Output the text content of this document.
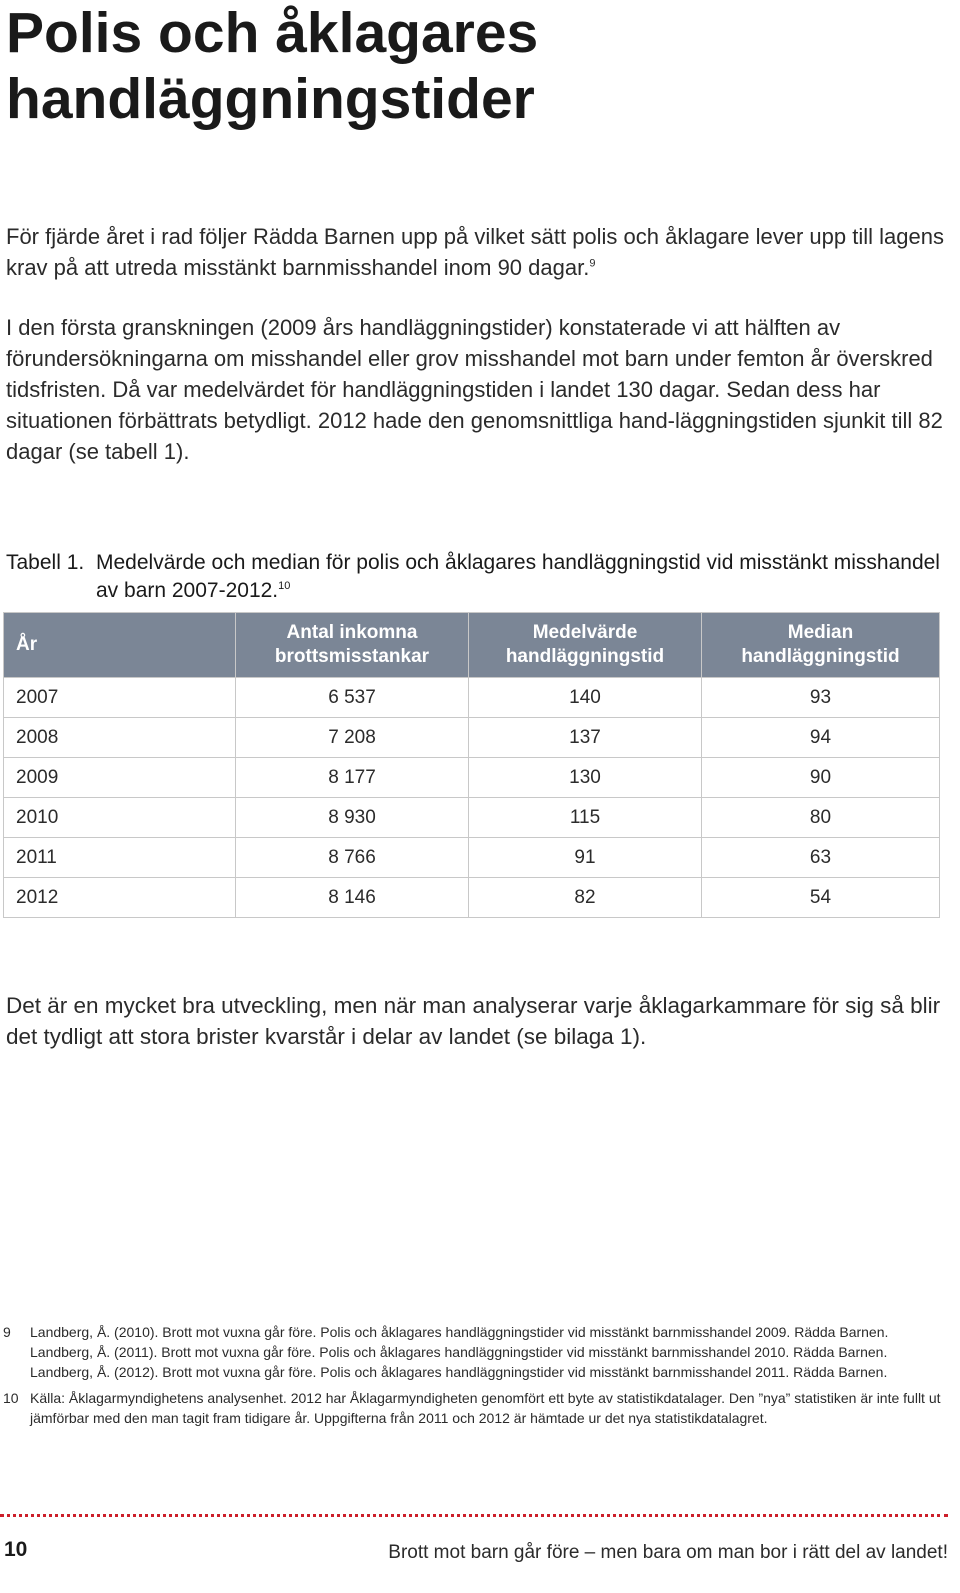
Polis och åklagares
handläggningstider

För fjärde året i rad följer Rädda Barnen upp på vilket sätt polis och åklagare lever upp till lagens krav på att utreda misstänkt barnmisshandel inom 90 dagar.$^9$

I den första granskningen (2009 års handläggningstider) konstaterade vi att hälften av förundersökningarna om misshandel eller grov misshandel mot barn under femton år överskred tidsfristen. Då var medelvärdet för handläggningstiden i landet 130 dagar. Sedan dess har situationen förbättrats betydligt. 2012 hade den genomsnittliga hand-läggningstiden sjunkit till 82 dagar (se tabell 1).

Tabell 1. Medelvärde och median för polis och åklagares handläggningstid vid misstänkt misshandel av barn 2007-2012.10
År	Antal inkomna brottsmisstankar	Medelvärde handläggningstid	Median handläggningstid
2007	6 537	140	93
2008	7 208	137	94
2009	8 177	130	90
2010	8 930	115	80
2011	8 766	91	63
2012	8 146	82	54

Det är en mycket bra utveckling, men när man analyserar varje åklagarkammare för sig så blir det tydligt att stora brister kvarstår i delar av landet (se bilaga 1).

9	Landberg, Å. (2010). Brott mot vuxna går före. Polis och åklagares handläggningstider vid misstänkt barnmisshandel 2009. Rädda Barnen. Landberg, Å. (2011). Brott mot vuxna går före. Polis och åklagares handläggningstider vid misstänkt barnmisshandel 2010. Rädda Barnen. Landberg, Å. (2012). Brott mot vuxna går före. Polis och åklagares handläggningstider vid misstänkt barnmisshandel 2011. Rädda Barnen.
10 Källa: Åklagarmyndighetens analysenhet. 2012 har Åklagarmyndigheten genomfört ett byte av statistikdatalager. Den ”nya” statistiken är inte fullt ut jämförbar med den man tagit fram tidigare år. Uppgifterna från 2011 och 2012 är hämtade ur det nya statistikdatalagret.
10	Brott mot barn går före – men bara om man bor i rätt del av landet!
